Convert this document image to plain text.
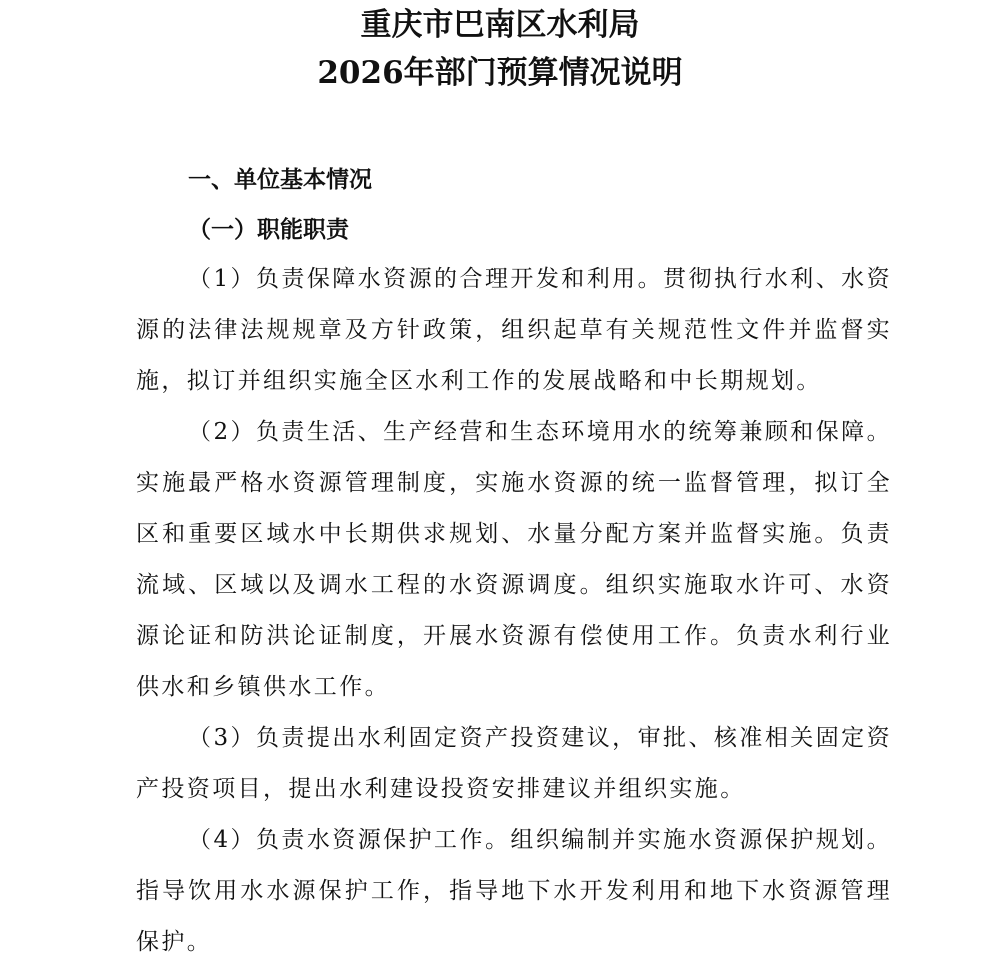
重庆市巴南区水利局
2026年部门预算情况说明
一、单位基本情况
（一）职能职责

（1）负责保障水资源的合理开发和利用。贯彻执行水利、水资源的法律法规规章及方针政策，组织起草有关规范性文件并监督实施，拟订并组织实施全区水利工作的发展战略和中长期规划。

（2）负责生活、生产经营和生态环境用水的统筹兼顾和保障。实施最严格水资源管理制度，实施水资源的统一监督管理，拟订全区和重要区域水中长期供求规划、水量分配方案并监督实施。负责流域、区域以及调水工程的水资源调度。组织实施取水许可、水资源论证和防洪论证制度，开展水资源有偿使用工作。负责水利行业供水和乡镇供水工作。

（3）负责提出水利固定资产投资建议，审批、核准相关固定资产投资项目，提出水利建设投资安排建议并组织实施。

（4）负责水资源保护工作。组织编制并实施水资源保护规划。指导饮用水水源保护工作，指导地下水开发利用和地下水资源管理保护。
